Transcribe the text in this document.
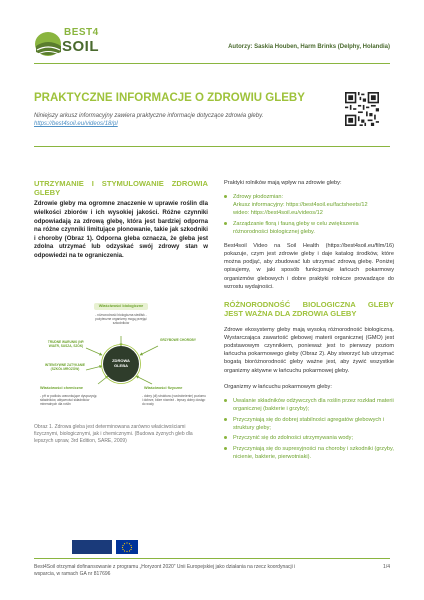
BEST4
SOIL	Autorzy: Saskia Houben, Harm Brinks (Delphy, Holandia)
PRAKTYCZNE INFORMACJE O ZDROWIU GLEBY
Niniejszy arkusz informacyjny zawiera praktyczne informacje dotyczące zdrowia gleby.
https://best4soil.eu/videos/18/pl
UTRZYMANIE I STYMULOWANIE ZDROWIA GLEBY
Zdrowie gleby ma ogromne znaczenie w uprawie roślin dla wielkości zbiorów i ich wysokiej jakości. Różne czynniki odpowiadają za zdrową glebę, która jest bardziej odporna na różne czynniki limitujące plonowanie, takie jak szkodniki i choroby (Obraz 1). Odporna gleba oznacza, że gleba jest zdolna utrzymać lub odzyskać swój zdrowy stan w odpowiedzi na te ograniczenia.
Właściwości biologiczne
- różnorodność biologiczna siedlisk - pożyteczne organizmy mogą przejąć szkodników
ZDROWA GLEBA
TRUDNE WARUNKI (NP. WIATR, SUSZA, SZOK)
GRZYBOWE CHOROBY
INTENSYWNE ZATYKANIE (SZKÓŁ MROZÓW)
Właściwości chemiczne
- pH w podłożu warunkujące dyspozycję składników, aktywności składników mineralnych dla roślin
Właściwości fizyczne
- dobry (dl) struktura (rozdrobnienie) poziomu i dobrze, które również - lepszy dobry dostęp do wody
Obraz 1. Zdrowa gleba jest determinowana zarówno właściwościami fizycznymi, biologicznymi, jak i chemicznymi. (Budowa żyznych gleb dla lepszych upraw, 3rd Edition, SARE, 2009)
Praktyki rolników mają wpływ na zdrowie gleby:
Zdrowy płodozmian:
Arkusz informacyjny: https://best4soil.eu/factsheets/12
wideo: https://best4soil.eu/videos/12
Zarządzanie florą i fauną gleby w celu zwiększenia różnorodności biologicznej gleby.
Best4soil Video na Soil Health (https://best4soil.eu/film/16) pokazuje, czym jest zdrowie gleby i daje katalog środków, które można podjąć, aby zbudować lub utrzymać zdrową glebę. Poniżej opisujemy, w jaki sposób funkcjonuje łańcuch pokarmowy organizmów glebowych i dobre praktyki rolnicze prowadzące do wzrostu wydajności.
RÓŻNORODNOŚĆ BIOLOGICZNA GLEBY JEST WAŻNA DLA ZDROWIA GLEBY
Zdrowe ekosystemy gleby mają wysoką różnorodność biologiczną. Wystarczająca zawartość glebowej materii organicznej (GMO) jest podstawowym czynnikiem, ponieważ jest to pierwszy poziom łańcucha pokarmowego gleby (Obraz 2). Aby stworzyć lub utrzymać bogatą bioróżnorodność gleby ważne jest, aby żywić wszystkie organizmy aktywne w łańcuchu pokarmowej gleby.
Organizmy w łańcuchu pokarmowym gleby:
Uwalanie składników odżywczych dla roślin przez rozkład materii organicznej (bakterie i grzyby);
Przyczyniają się do dobrej stabilności agregatów glebowych i struktury gleby;
Przyczynić się do zdolności utrzymywania wody;
Przyczyniają się do supresyjności na choroby i szkodniki (grzyby, nicienie, bakterie, pierwotniaki).
Best4Soil otrzymał dofinansowanie z programu „Horyzont 2020” Unii Europejskiej jako działania na rzecz koordynacji i wsparcia, w ramach GA nr 817696
1/4
